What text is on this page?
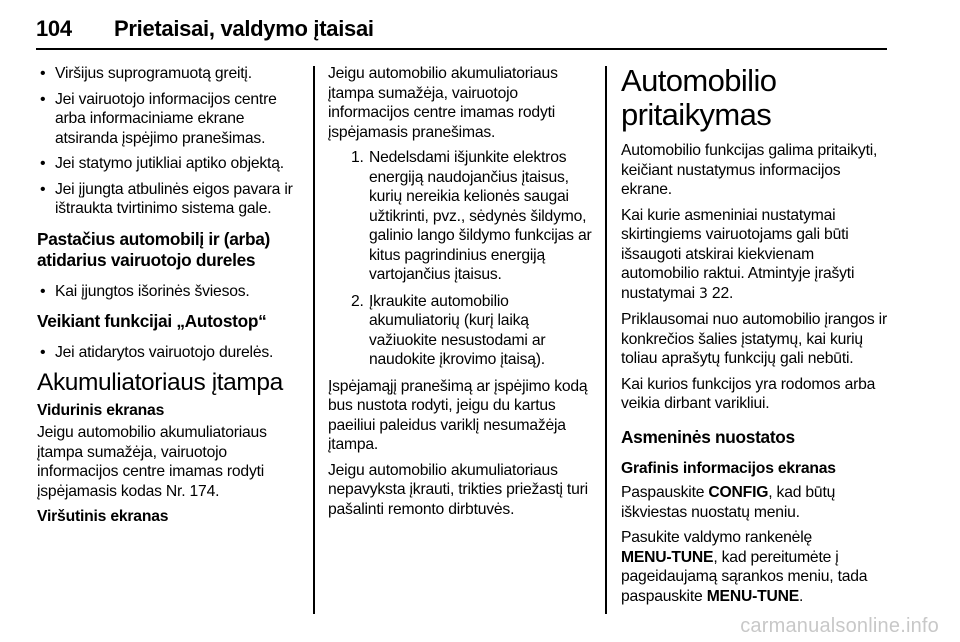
104 Prietaisai, valdymo įtaisai
• Viršijus suprogramuotą greitį.
• Jei vairuotojo informacijos centre arba informaciniame ekrane atsiranda įspėjimo pranešimas.
• Jei statymo jutikliai aptiko objektą.
• Jei įjungta atbulinės eigos pavara ir ištraukta tvirtinimo sistema gale.
Pastačius automobilį ir (arba) atidarius vairuotojo dureles
• Kai įjungtos išorinės šviesos.
Veikiant funkcijai „Autostop“
• Jei atidarytos vairuotojo durelės.
Akumuliatoriaus įtampa
Vidurinis ekranas

Jeigu automobilio akumuliatoriaus įtampa sumažėja, vairuotojo informacijos centre imamas rodyti įspėjamasis kodas Nr. 174.

Viršutinis ekranas

Jeigu automobilio akumuliatoriaus įtampa sumažėja, vairuotojo informacijos centre imamas rodyti įspėjamasis pranešimas.

1. Nedelsdami išjunkite elektros energiją naudojančius įtaisus, kurių nereikia kelionės saugai užtikrinti, pvz., sėdynės šildymo, galinio lango šildymo funkcijas ar kitus pagrindinius energiją vartojančius įtaisus.
2. Įkraukite automobilio akumuliatorių (kurį laiką važiuokite nesustodami ar naudokite įkrovimo įtaisą).

Įspėjamąjį pranešimą ar įspėjimo kodą bus nustota rodyti, jeigu du kartus paeiliui paleidus variklį nesumažėja įtampa.

Jeigu automobilio akumuliatoriaus nepavyksta įkrauti, trikties priežastį turi pašalinti remonto dirbtuvės.

Automobilio pritaikymas

Automobilio funkcijas galima pritaikyti, keičiant nustatymus informacijos ekrane.

Kai kurie asmeniniai nustatymai skirtingiems vairuotojams gali būti išsaugoti atskirai kiekvienam automobilio raktui. Atmintyje įrašyti nustatymai 3 22.

Priklausomai nuo automobilio įrangos ir konkrečios šalies įstatymų, kai kurių toliau aprašytų funkcijų gali nebūti.

Kai kurios funkcijos yra rodomos arba veikia dirbant varikliui.

Asmeninės nuostatos
Grafinis informacijos ekranas

Paspauskite CONFIG, kad būtų iškviestas nuostatų meniu.

Pasukite valdymo rankenėlę
MENU-TUNE, kad pereitumėte į pageidaujamą sąrankos meniu, tada paspauskite MENU-TUNE.

carmanualsonline.info
